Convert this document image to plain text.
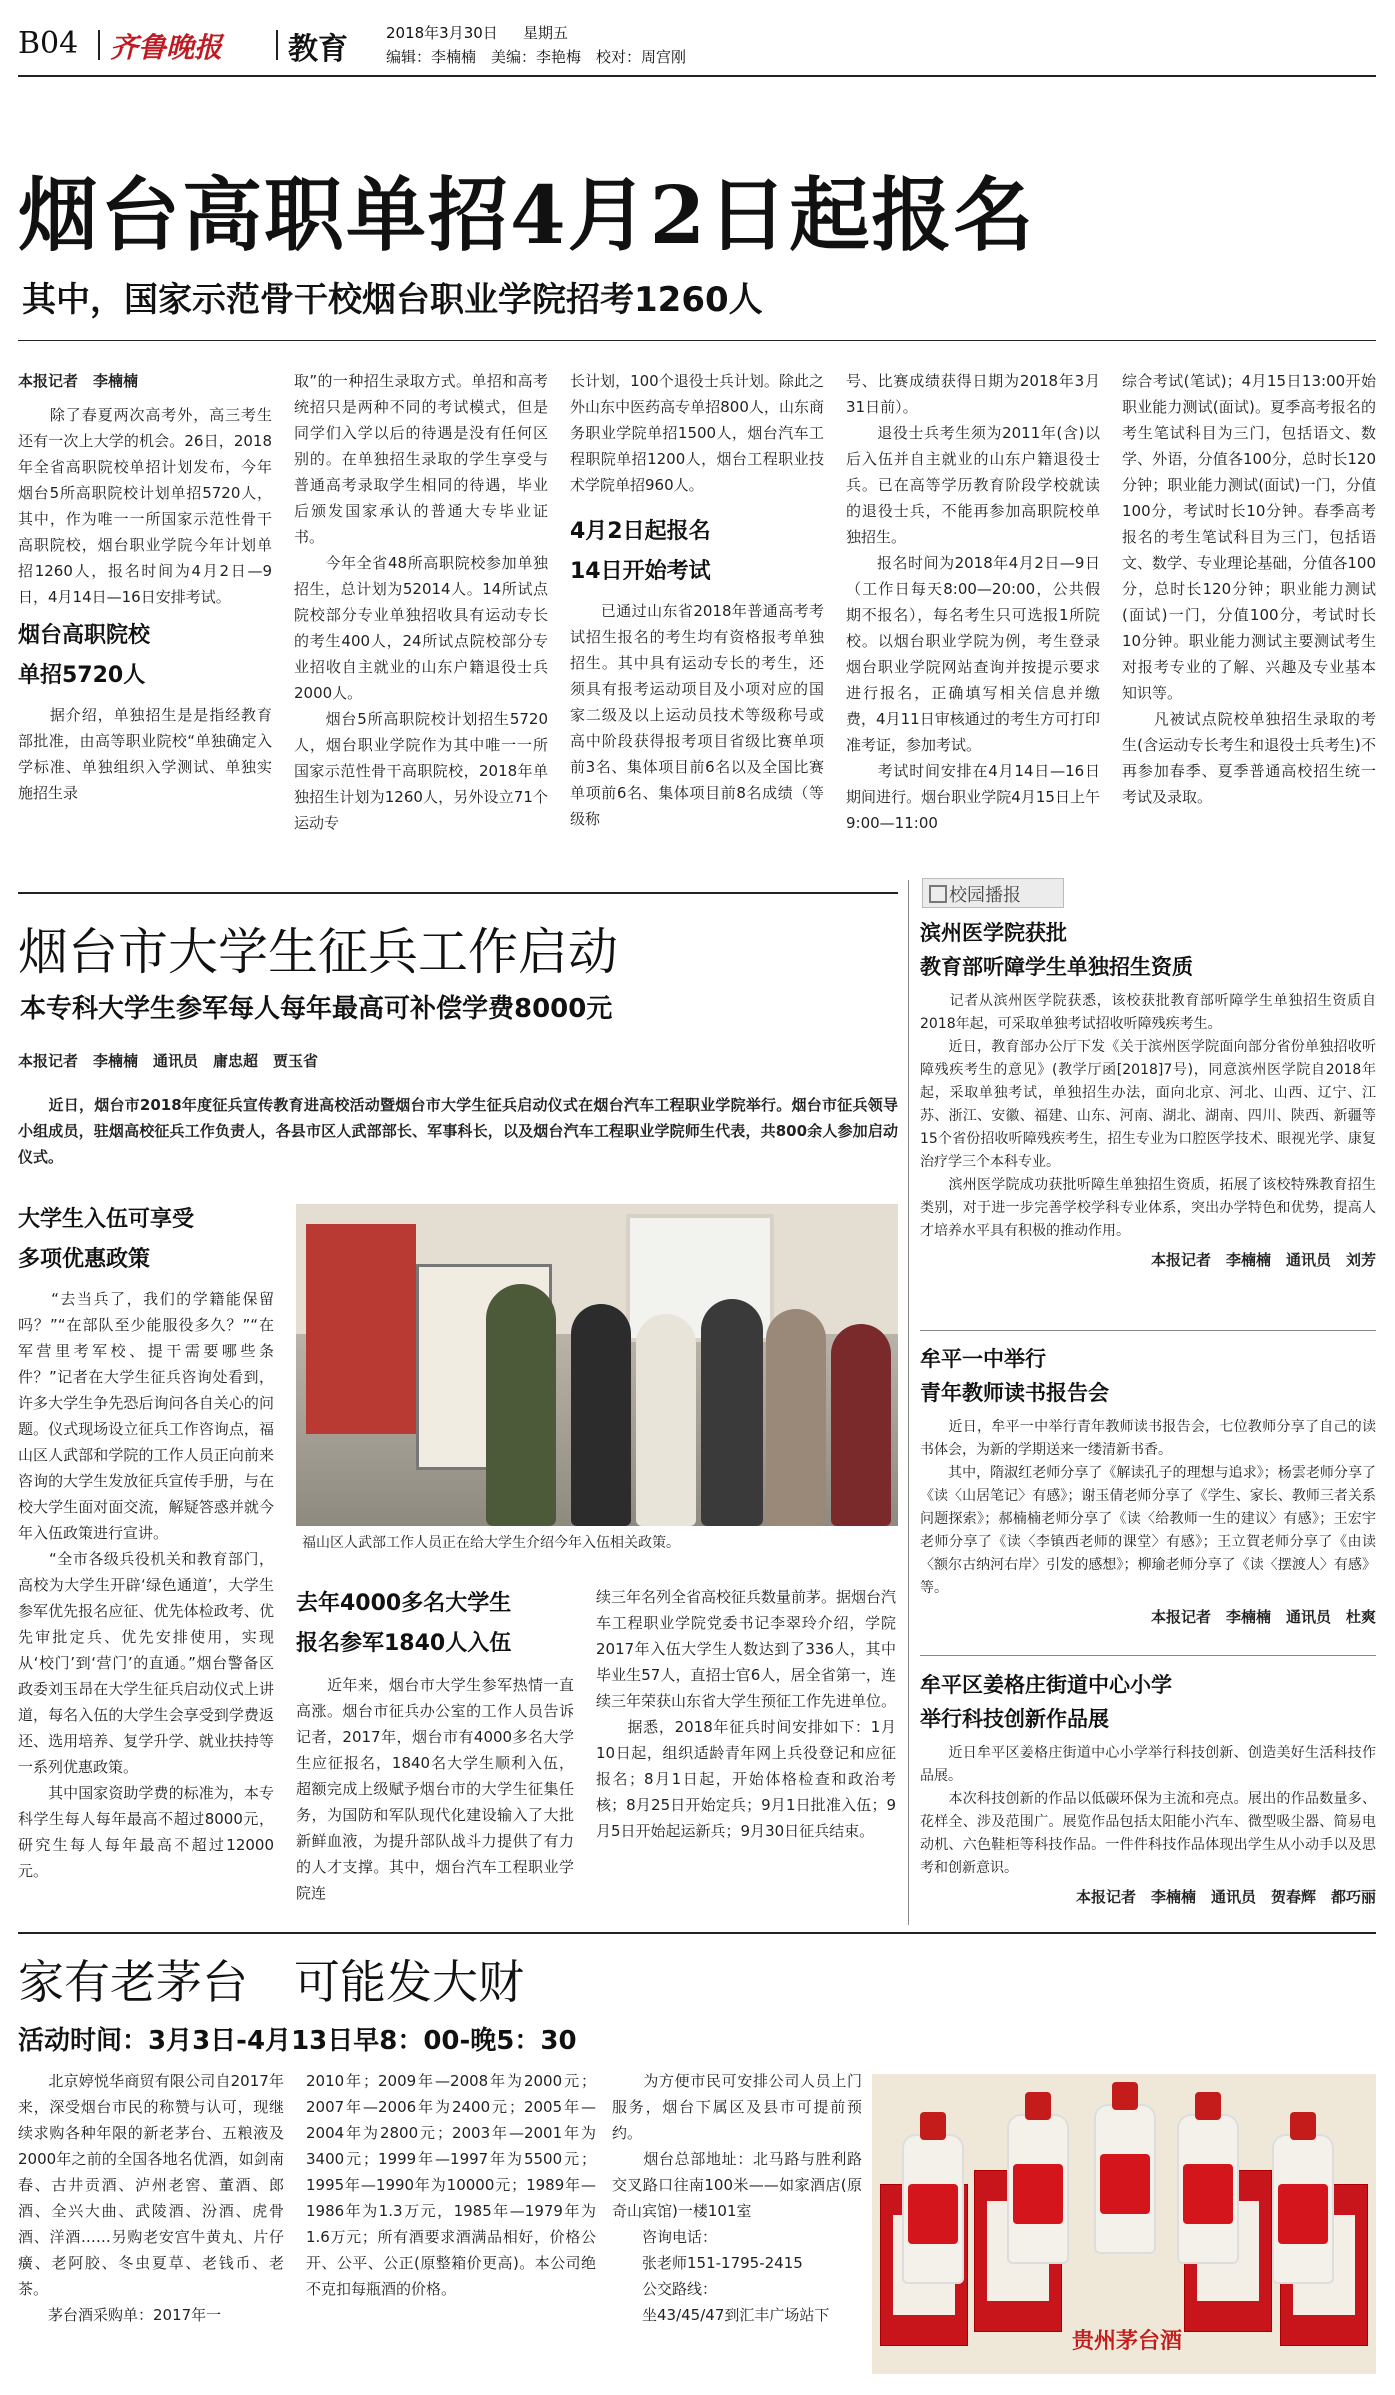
B04 齐鲁晚报 教育	2018年3月30日 星期五
编辑：李楠楠　美编：李艳梅　校对：周宫刚
烟台高职单招4月2日起报名
其中，国家示范骨干校烟台职业学院招考1260人
本报记者　李楠楠
　　除了春夏两次高考外，高三考生还有一次上大学的机会。26日，2018年全省高职院校单招计划发布，今年烟台5所高职院校计划单招5720人，其中，作为唯一一所国家示范性骨干高职院校，烟台职业学院今年计划单招1260人，报名时间为4月2日—9日，4月14日—16日安排考试。
烟台高职院校
单招5720人
　　据介绍，单独招生是是指经教育部批准，由高等职业院校“单独确定入学标准、单独组织入学测试、单独实施招生录
取”的一种招生录取方式。单招和高考统招只是两种不同的考试模式，但是同学们入学以后的待遇是没有任何区别的。在单独招生录取的学生享受与普通高考录取学生相同的待遇，毕业后颁发国家承认的普通大专毕业证书。
　　今年全省48所高职院校参加单独招生，总计划为52014人。14所试点院校部分专业单独招收具有运动专长的考生400人，24所试点院校部分专业招收自主就业的山东户籍退役士兵2000人。
　　烟台5所高职院校计划招生5720人，烟台职业学院作为其中唯一一所国家示范性骨干高职院校，2018年单独招生计划为1260人，另外设立71个运动专
长计划，100个退役士兵计划。除此之外山东中医药高专单招800人，山东商务职业学院单招1500人，烟台汽车工程职院单招1200人，烟台工程职业技术学院单招960人。
4月2日起报名
14日开始考试
　　已通过山东省2018年普通高考考试招生报名的考生均有资格报考单独招生。其中具有运动专长的考生，还须具有报考运动项目及小项对应的国家二级及以上运动员技术等级称号或高中阶段获得报考项目省级比赛单项前3名、集体项目前6名以及全国比赛单项前6名、集体项目前8名成绩（等级称
号、比赛成绩获得日期为2018年3月31日前）。
　　退役士兵考生须为2011年(含)以后入伍并自主就业的山东户籍退役士兵。已在高等学历教育阶段学校就读的退役士兵，不能再参加高职院校单独招生。
　　报名时间为2018年4月2日—9日（工作日每天8:00—20:00，公共假期不报名），每名考生只可选报1所院校。以烟台职业学院为例，考生登录烟台职业学院网站查询并按提示要求进行报名，正确填写相关信息并缴费，4月11日审核通过的考生方可打印准考证，参加考试。
　　考试时间安排在4月14日—16日期间进行。烟台职业学院4月15日上午9:00—11:00
综合考试(笔试)；4月15日13:00开始职业能力测试(面试)。夏季高考报名的考生笔试科目为三门，包括语文、数学、外语，分值各100分，总时长120分钟；职业能力测试(面试)一门，分值100分，考试时长10分钟。春季高考报名的考生笔试科目为三门，包括语文、数学、专业理论基础，分值各100分，总时长120分钟；职业能力测试(面试)一门，分值100分，考试时长10分钟。职业能力测试主要测试考生对报考专业的了解、兴趣及专业基本知识等。
　　凡被试点院校单独招生录取的考生(含运动专长考生和退役士兵考生)不再参加春季、夏季普通高校招生统一考试及录取。
烟台市大学生征兵工作启动
本专科大学生参军每人每年最高可补偿学费8000元
本报记者　李楠楠　通讯员　庸忠超　贾玉省
　　近日，烟台市2018年度征兵宣传教育进高校活动暨烟台市大学生征兵启动仪式在烟台汽车工程职业学院举行。烟台市征兵领导小组成员，驻烟高校征兵工作负责人，各县市区人武部部长、军事科长，以及烟台汽车工程职业学院师生代表，共800余人参加启动仪式。
大学生入伍可享受
多项优惠政策
　　“去当兵了，我们的学籍能保留吗？”“在部队至少能服役多久？”“在军营里考军校、提干需要哪些条件？”记者在大学生征兵咨询处看到，许多大学生争先恐后询问各自关心的问题。仪式现场设立征兵工作咨询点，福山区人武部和学院的工作人员正向前来咨询的大学生发放征兵宣传手册，与在校大学生面对面交流，解疑答惑并就今年入伍政策进行宣讲。
　　“全市各级兵役机关和教育部门，高校为大学生开辟‘绿色通道’，大学生参军优先报名应征、优先体检政考、优先审批定兵、优先安排使用，实现从‘校门’到‘营门’的直通。”烟台警备区政委刘玉昂在大学生征兵启动仪式上讲道，每名入伍的大学生会享受到学费返还、选用培养、复学升学、就业扶持等一系列优惠政策。
　　其中国家资助学费的标准为，本专科学生每人每年最高不超过8000元，研究生每人每年最高不超过12000元。
福山区人武部工作人员正在给大学生介绍今年入伍相关政策。
去年4000多名大学生
报名参军1840人入伍
　　近年来，烟台市大学生参军热情一直高涨。烟台市征兵办公室的工作人员告诉记者，2017年，烟台市有4000多名大学生应征报名，1840名大学生顺利入伍，超额完成上级赋予烟台市的大学生征集任务，为国防和军队现代化建设输入了大批新鲜血液，为提升部队战斗力提供了有力的人才支撑。其中，烟台汽车工程职业学院连
续三年名列全省高校征兵数量前茅。据烟台汽车工程职业学院党委书记李翠玲介绍，学院2017年入伍大学生人数达到了336人，其中毕业生57人，直招士官6人，居全省第一，连续三年荣获山东省大学生预征工作先进单位。
　　据悉，2018年征兵时间安排如下：1月10日起，组织适龄青年网上兵役登记和应征报名；8月1日起，开始体格检查和政治考核；8月25日开始定兵；9月1日批准入伍；9月5日开始起运新兵；9月30日征兵结束。
校园播报
滨州医学院获批
教育部听障学生单独招生资质
　　记者从滨州医学院获悉，该校获批教育部听障学生单独招生资质自2018年起，可采取单独考试招收听障残疾考生。
　　近日，教育部办公厅下发《关于滨州医学院面向部分省份单独招收听障残疾考生的意见》(教学厅函[2018]7号)，同意滨州医学院自2018年起，采取单独考试，单独招生办法，面向北京、河北、山西、辽宁、江苏、浙江、安徽、福建、山东、河南、湖北、湖南、四川、陕西、新疆等15个省份招收听障残疾考生，招生专业为口腔医学技术、眼视光学、康复治疗学三个本科专业。
　　滨州医学院成功获批听障生单独招生资质，拓展了该校特殊教育招生类别，对于进一步完善学校学科专业体系，突出办学特色和优势，提高人才培养水平具有积极的推动作用。
本报记者　李楠楠　通讯员　刘芳
牟平一中举行
青年教师读书报告会
　　近日，牟平一中举行青年教师读书报告会，七位教师分享了自己的读书体会，为新的学期送来一缕清新书香。
　　其中，隋淑红老师分享了《解读孔子的理想与追求》；杨雲老师分享了《读〈山居笔记〉有感》；谢玉倩老师分享了《学生、家长、教师三者关系问题探索》；郝楠楠老师分享了《读〈给教师一生的建议〉有感》；王宏宇老师分享了《读〈李镇西老师的课堂〉有感》；王立賀老师分享了《由读〈额尔古纳河右岸〉引发的感想》；柳瑜老师分享了《读〈摆渡人〉有感》等。
本报记者　李楠楠　通讯员　杜爽
牟平区姜格庄街道中心小学
举行科技创新作品展
　　近日牟平区姜格庄街道中心小学举行科技创新、创造美好生活科技作品展。
　　本次科技创新的作品以低碳环保为主流和亮点。展出的作品数量多、花样全、涉及范围广。展览作品包括太阳能小汽车、微型吸尘器、简易电动机、六色鞋柜等科技作品。一件件科技作品体现出学生从小动手以及思考和创新意识。
本报记者　李楠楠　通讯员　贺春辉　都巧丽
家有老茅台　可能发大财
活动时间：3月3日-4月13日早8：00-晚5：30
　　北京婷悦华商贸有限公司自2017年来，深受烟台市民的称赞与认可，现继续求购各种年限的新老茅台、五粮液及2000年之前的全国各地名优酒，如剑南春、古井贡酒、泸州老窖、董酒、郎酒、全兴大曲、武陵酒、汾酒、虎骨酒、洋酒……另购老安宫牛黄丸、片仔癀、老阿胶、冬虫夏草、老钱币、老茶。
　　茅台酒采购单：2017年一
2010年；2009年—2008年为2000元；2007年—2006年为2400元；2005年—2004年为2800元；2003年—2001年为3400元；1999年—1997年为5500元；1995年—1990年为10000元；1989年—1986年为1.3万元，1985年—1979年为1.6万元；所有酒要求酒满品相好，价格公开、公平、公正(原整箱价更高)。本公司绝不克扣每瓶酒的价格。
　　为方便市民可安排公司人员上门服务，烟台下属区及县市可提前预约。
　　烟台总部地址：北马路与胜利路交叉路口往南100米——如家酒店(原奇山宾馆)一楼101室
　　咨询电话：
　　张老师151-1795-2415
　　公交路线：
　　坐43/45/47到汇丰广场站下
贵州茅台酒
